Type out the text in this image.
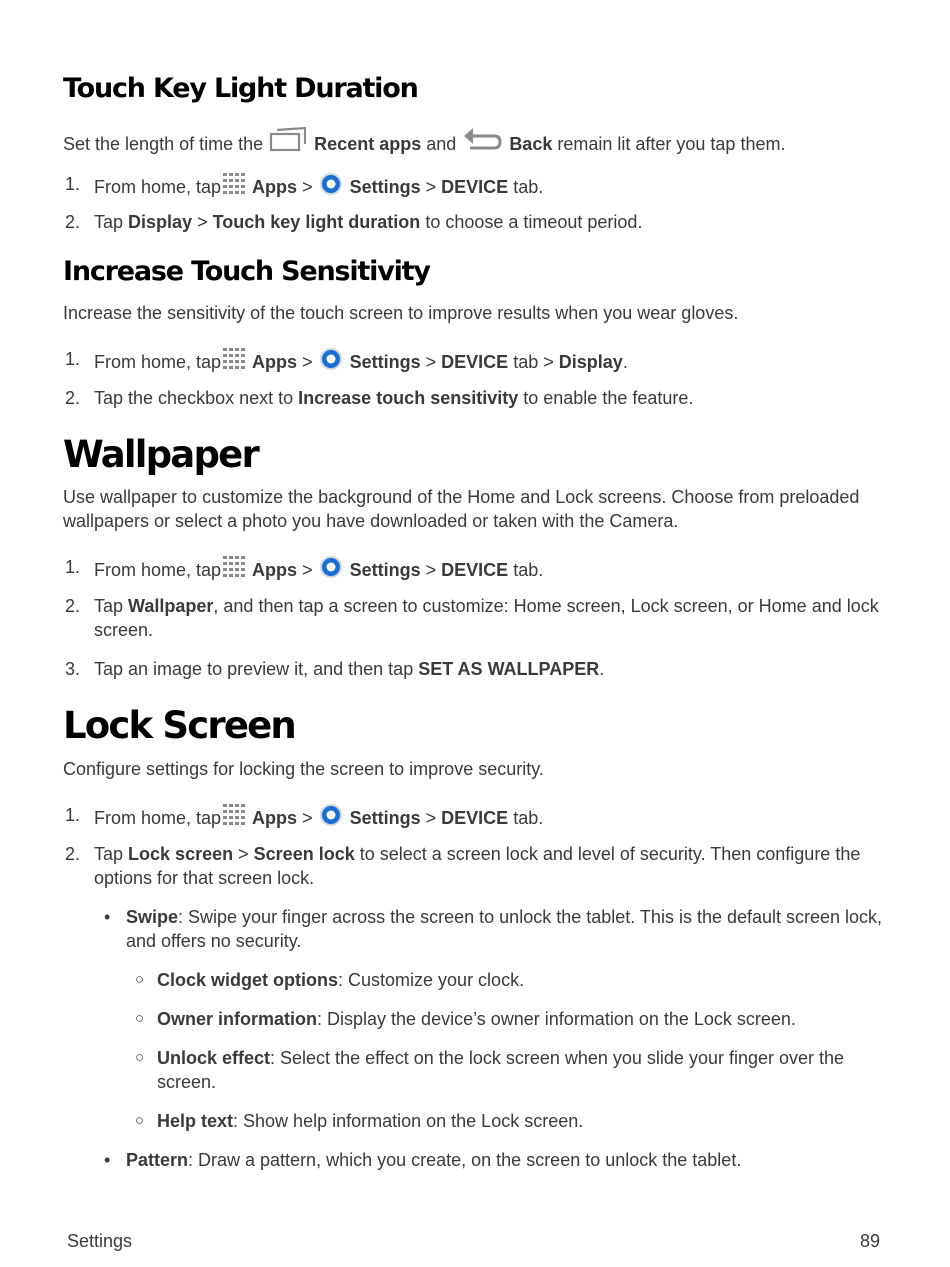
Touch Key Light Duration

Set the length of time the	Recent apps and	Back remain lit after you tap them.

1. From home, tap Apps > Settings > DEVICE tab.
2. Tap Display > Touch key light duration to choose a timeout period.
Increase Touch Sensitivity

Increase the sensitivity of the touch screen to improve results when you wear gloves.

1. From home, tap Apps > Settings > DEVICE tab > Display.
2. Tap the checkbox next to Increase touch sensitivity to enable the feature.
Wallpaper

Use wallpaper to customize the background of the Home and Lock screens. Choose from preloaded wallpapers or select a photo you have downloaded or taken with the Camera.

1. From home, tap Apps > Settings > DEVICE tab.
2. Tap Wallpaper, and then tap a screen to customize: Home screen, Lock screen, or Home and lock screen.
3. Tap an image to preview it, and then tap SET AS WALLPAPER.
Lock Screen

Configure settings for locking the screen to improve security.

1. From home, tap Apps > Settings > DEVICE tab.
2. Tap Lock screen > Screen lock to select a screen lock and level of security. Then configure the options for that screen lock.
• Swipe: Swipe your finger across the screen to unlock the tablet. This is the default screen lock, and offers no security.
○ Clock widget options: Customize your clock.
○ Owner information: Display the device’s owner information on the Lock screen.
○ Unlock effect: Select the effect on the lock screen when you slide your finger over the screen.
○ Help text: Show help information on the Lock screen.
• Pattern: Draw a pattern, which you create, on the screen to unlock the tablet.
Settings	89
